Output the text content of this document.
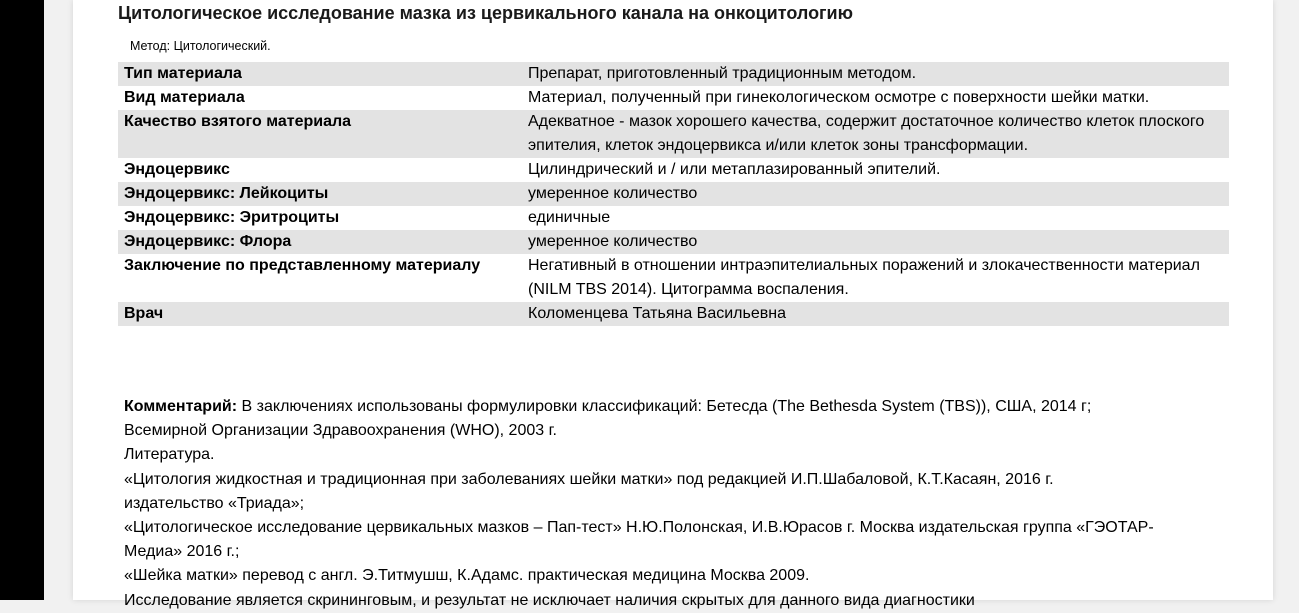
Цитологическое исследование мазка из цервикального канала на онкоцитологию
Метод: Цитологический.
Тип материала	Препарат, приготовленный традиционным методом.
Вид материала	Материал, полученный при гинекологическом осмотре с поверхности шейки матки.
Качество взятого материала	Адекватное - мазок хорошего качества, содержит достаточное количество клеток плоского эпителия, клеток эндоцервикса и/или клеток зоны трансформации.
Эндоцервикс	Цилиндрический и / или метаплазированный эпителий.
Эндоцервикс: Лейкоциты	умеренное количество
Эндоцервикс: Эритроциты	единичные
Эндоцервикс: Флора	умеренное количество
Заключение по представленному материалу	Негативный в отношении интраэпителиальных поражений и злокачественности материал (NILM TBS 2014). Цитограмма воспаления.
Врач	Коломенцева Татьяна Васильевна

Комментарий: В заключениях использованы формулировки классификаций: Бетесда (The Bethesda System (TBS)), США, 2014 г; Всемирной Организации Здравоохранения (WHO), 2003 г.

Литература.

«Цитология жидкостная и традиционная при заболеваниях шейки матки» под редакцией И.П.Шабаловой, К.Т.Касаян, 2016 г. издательство «Триада»;

«Цитологическое исследование цервикальных мазков – Пап-тест» Н.Ю.Полонская, И.В.Юрасов г. Москва издательская группа «ГЭОТАР-Медиа» 2016 г.;

«Шейка матки» перевод с англ. Э.Титмушш, К.Адамс. практическая медицина Москва 2009.

Исследование является скрининговым, и результат не исключает наличия скрытых для данного вида диагностики
